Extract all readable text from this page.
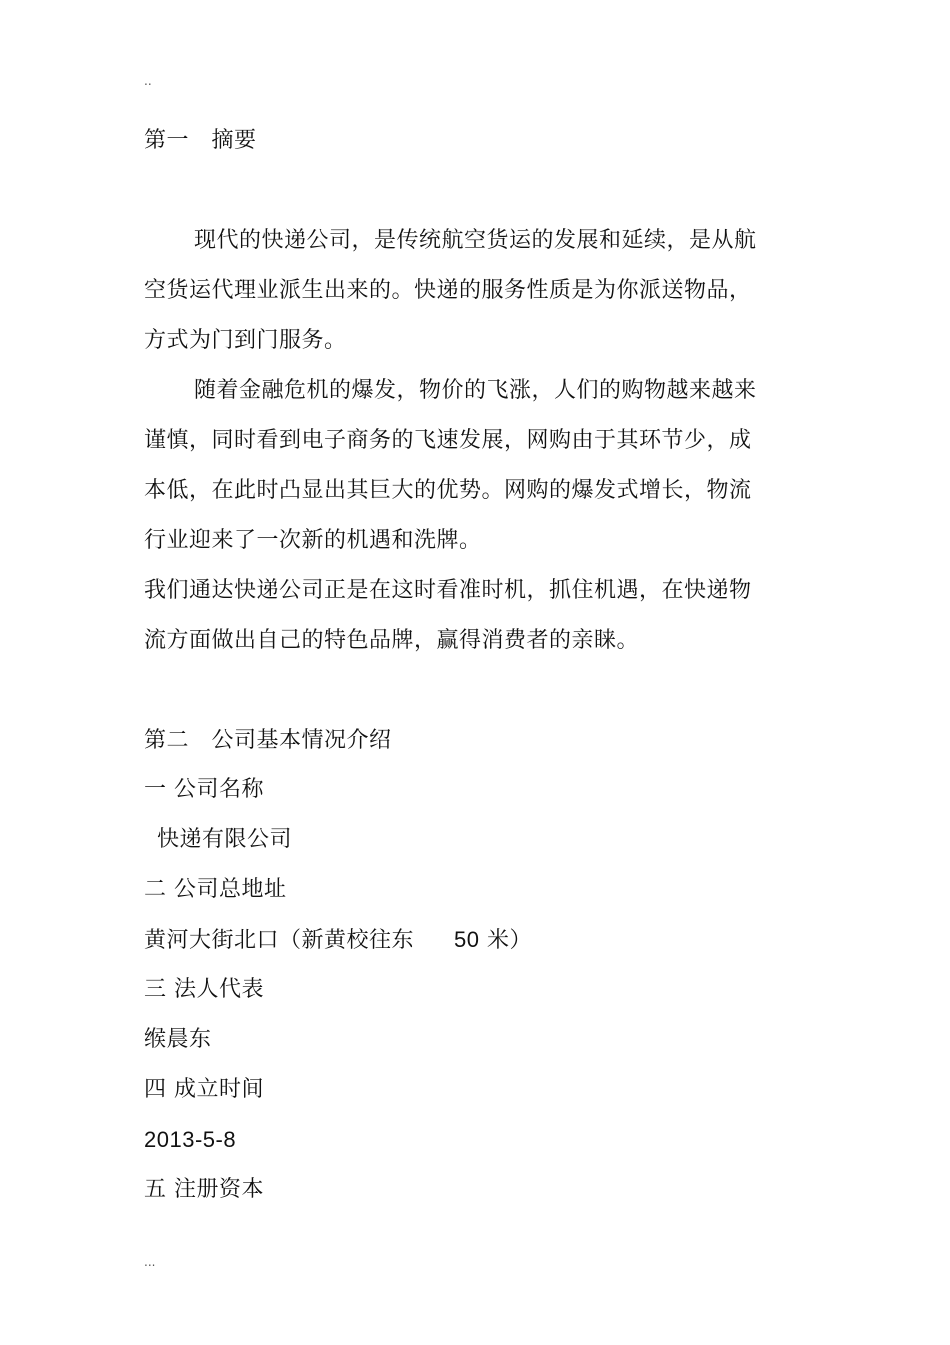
..
第一　摘要
现代的快递公司，是传统航空货运的发展和延续，是从航
空货运代理业派生出来的。快递的服务性质是为你派送物品，
方式为门到门服务。
随着金融危机的爆发，物价的飞涨，人们的购物越来越来
谨慎，同时看到电子商务的飞速发展，网购由于其环节少，成
本低，在此时凸显出其巨大的优势。网购的爆发式增长，物流
行业迎来了一次新的机遇和洗牌。
我们通达快递公司正是在这时看准时机，抓住机遇，在快递物
流方面做出自己的特色品牌，赢得消费者的亲睐。
第二　公司基本情况介绍
一 公司名称
快递有限公司
二 公司总地址
黄河大街北口（新黄校往东 50 米）
三 法人代表
缑晨东
四 成立时间
2013-5-8
五 注册资本
...
